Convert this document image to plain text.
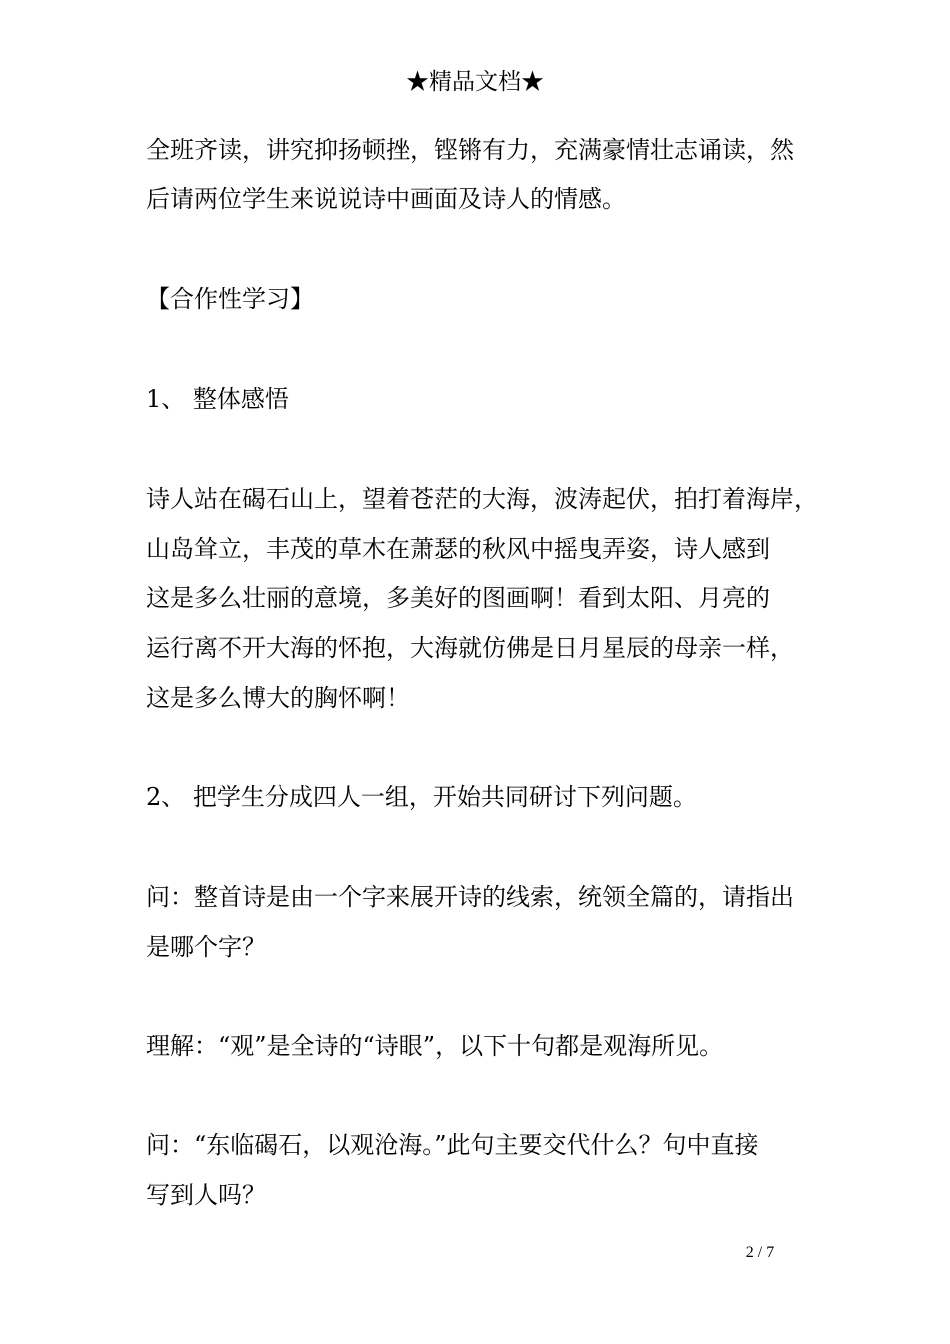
★精品文档★
全班齐读，讲究抑扬顿挫，铿锵有力，充满豪情壮志诵读，然
后请两位学生来说说诗中画面及诗人的情感。
【合作性学习】
1、 整体感悟
诗人站在碣石山上，望着苍茫的大海，波涛起伏，拍打着海岸，
山岛耸立，丰茂的草木在萧瑟的秋风中摇曳弄姿，诗人感到
这是多么壮丽的意境，多美好的图画啊！看到太阳、月亮的
运行离不开大海的怀抱，大海就仿佛是日月星辰的母亲一样，
这是多么博大的胸怀啊！
2、 把学生分成四人一组，开始共同研讨下列问题。
问：整首诗是由一个字来展开诗的线索，统领全篇的，请指出
是哪个字？
理解：“观”是全诗的“诗眼”，以下十句都是观海所见。
问：“东临碣石，以观沧海。”此句主要交代什么？句中直接
写到人吗？
2 / 7
